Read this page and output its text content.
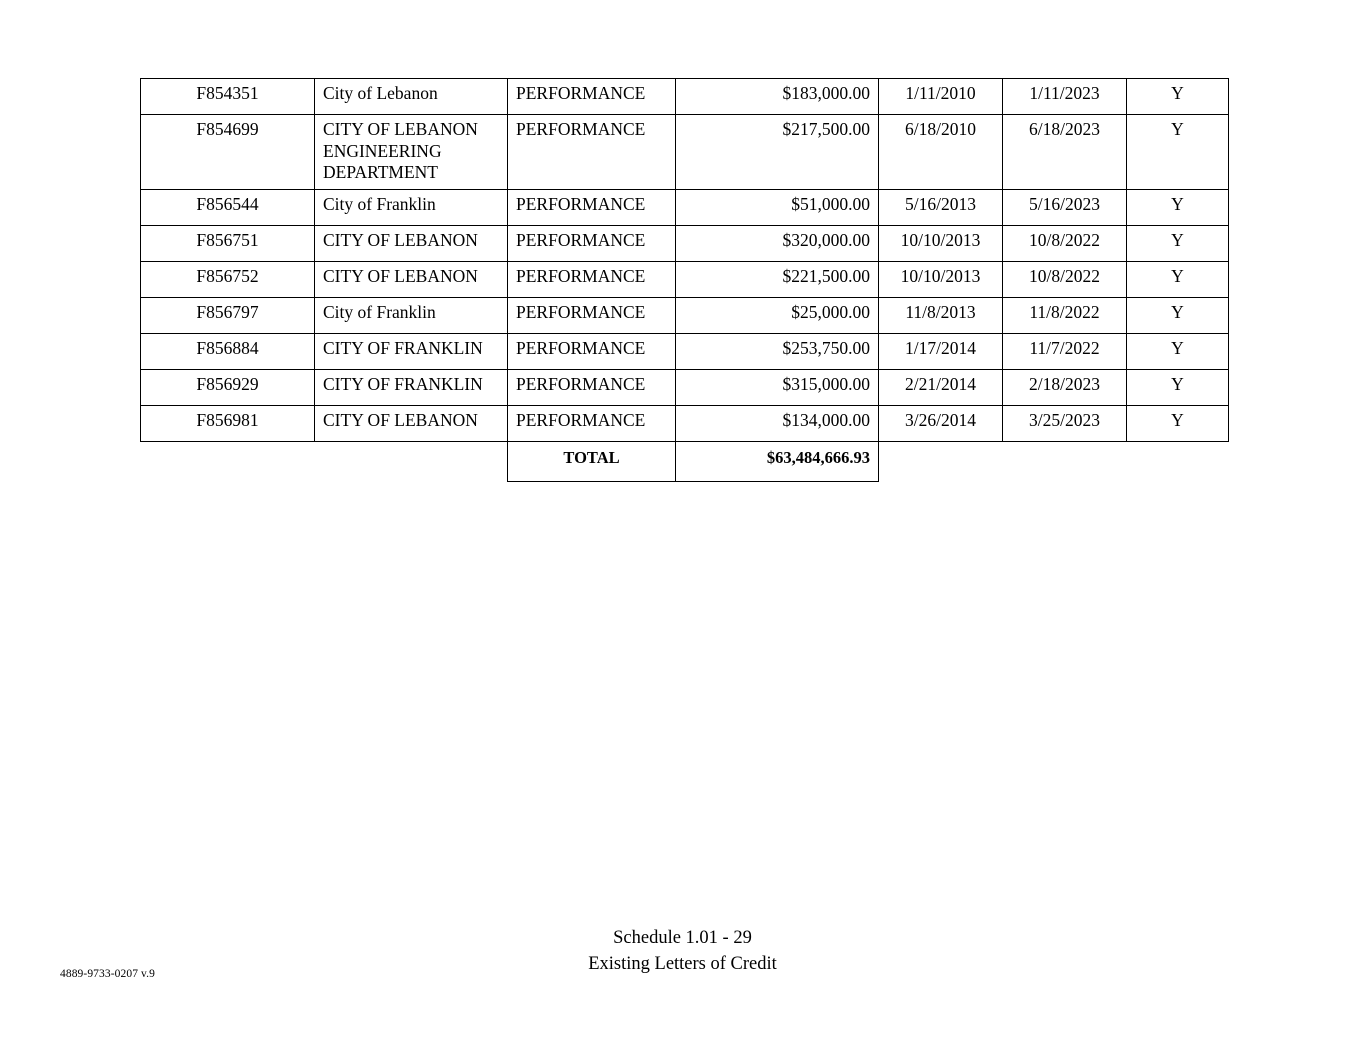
F854351	City of Lebanon	PERFORMANCE	$183,000.00	1/11/2010	1/11/2023	Y
F854699	CITY OF LEBANON ENGINEERING DEPARTMENT	PERFORMANCE	$217,500.00	6/18/2010	6/18/2023	Y
F856544	City of Franklin	PERFORMANCE	$51,000.00	5/16/2013	5/16/2023	Y
F856751	CITY OF LEBANON	PERFORMANCE	$320,000.00	10/10/2013	10/8/2022	Y
F856752	CITY OF LEBANON	PERFORMANCE	$221,500.00	10/10/2013	10/8/2022	Y
F856797	City of Franklin	PERFORMANCE	$25,000.00	11/8/2013	11/8/2022	Y
F856884	CITY OF FRANKLIN	PERFORMANCE	$253,750.00	1/17/2014	11/7/2022	Y
F856929	CITY OF FRANKLIN	PERFORMANCE	$315,000.00	2/21/2014	2/18/2023	Y
F856981	CITY OF LEBANON	PERFORMANCE	$134,000.00	3/26/2014	3/25/2023	Y
		TOTAL	$63,484,666.93			
Schedule 1.01 - 29
Existing Letters of Credit
4889-9733-0207 v.9
